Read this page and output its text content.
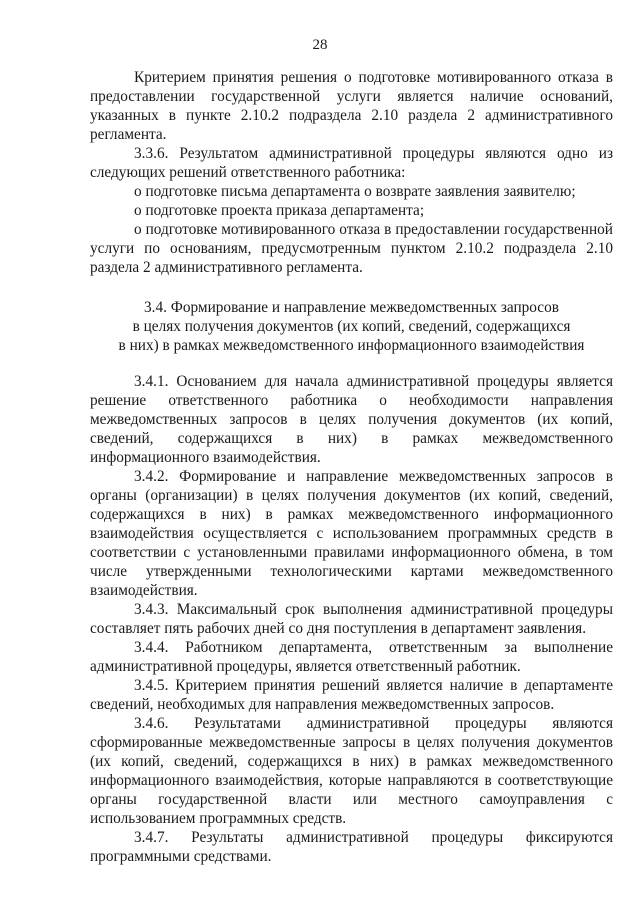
28

Критерием принятия решения о подготовке мотивированного отказа в предоставлении государственной услуги является наличие оснований, указанных в пункте 2.10.2 подраздела 2.10 раздела 2 административного регламента.

3.3.6. Результатом административной процедуры являются одно из следующих решений ответственного работника:

о подготовке письма департамента о возврате заявления заявителю;

о подготовке проекта приказа департамента;

о подготовке мотивированного отказа в предоставлении государственной услуги по основаниям, предусмотренным пунктом 2.10.2 подраздела 2.10 раздела 2 административного регламента.

3.4. Формирование и направление межведомственных запросов
в целях получения документов (их копий, сведений, содержащихся
в них) в рамках межведомственного информационного взаимодействия

3.4.1. Основанием для начала административной процедуры является решение ответственного работника о необходимости направления межведомственных запросов в целях получения документов (их копий, сведений, содержащихся в них) в рамках межведомственного информационного взаимодействия.

3.4.2. Формирование и направление межведомственных запросов в органы (организации) в целях получения документов (их копий, сведений, содержащихся в них) в рамках межведомственного информационного взаимодействия осуществляется с использованием программных средств в соответствии с установленными правилами информационного обмена, в том числе утвержденными технологическими картами межведомственного взаимодействия.

3.4.3. Максимальный срок выполнения административной процедуры составляет пять рабочих дней со дня поступления в департамент заявления.

3.4.4. Работником департамента, ответственным за выполнение административной процедуры, является ответственный работник.

3.4.5. Критерием принятия решений является наличие в департаменте сведений, необходимых для направления межведомственных запросов.

3.4.6. Результатами административной процедуры являются сформированные межведомственные запросы в целях получения документов (их копий, сведений, содержащихся в них) в рамках межведомственного информационного взаимодействия, которые направляются в соответствующие органы государственной власти или местного самоуправления с использованием программных средств.

3.4.7. Результаты административной процедуры фиксируются программными средствами.
